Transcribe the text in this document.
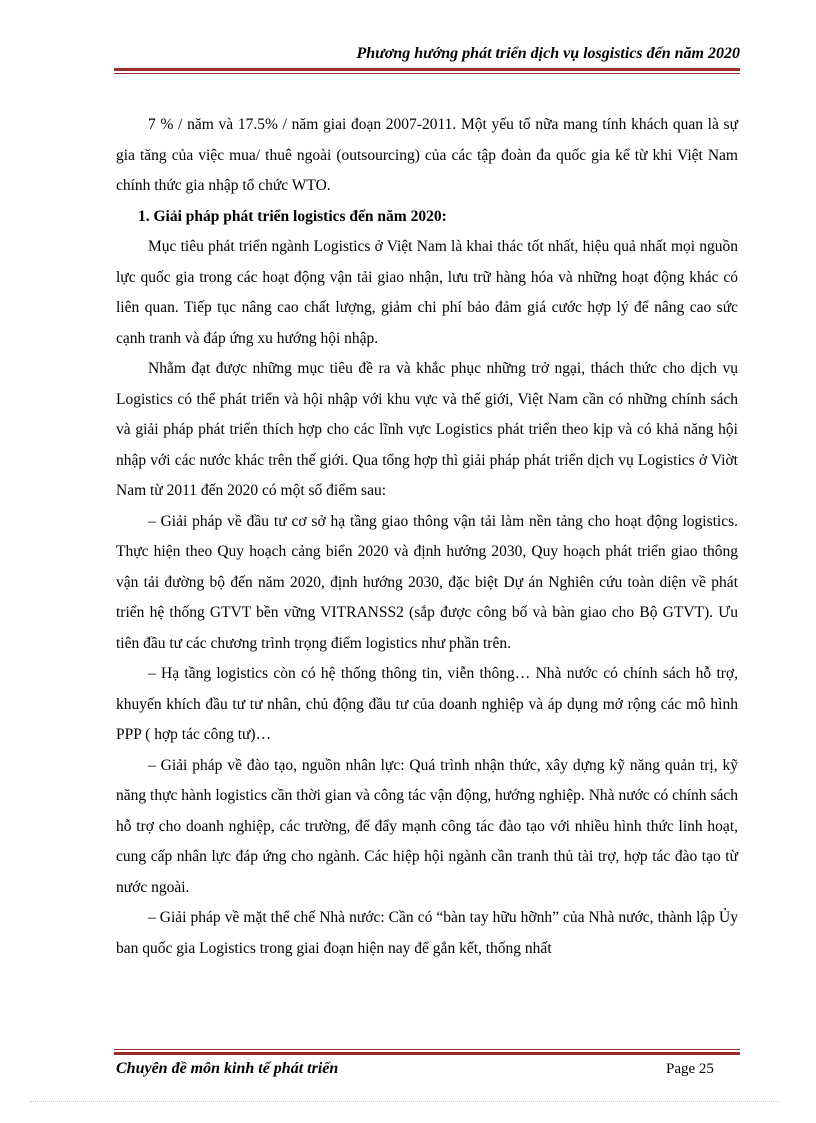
Phương hướng phát triển dịch vụ losgistics đến năm 2020

7 % / năm và 17.5% / năm giai đoạn 2007-2011. Một yếu tố nữa mang tính khách quan là sự gia tăng của việc mua/ thuê ngoài (outsourcing) của các tập đoàn đa quốc gia kể từ khi Việt Nam chính thức gia nhập tổ chức WTO.

1. Giải pháp phát triển logistics đến năm 2020:

Mục tiêu phát triển ngành Logistics ở Việt Nam là khai thác tốt nhất, hiệu quả nhất mọi nguồn lực quốc gia trong các hoạt động vận tải giao nhận, lưu trữ hàng hóa và những hoạt động khác có liên quan. Tiếp tục nâng cao chất lượng, giảm chi phí bảo đảm giá cước hợp lý để nâng cao sức cạnh tranh và đáp ứng xu hướng hội nhập.

Nhằm đạt được những mục tiêu đề ra và khắc phục những trở ngại, thách thức cho dịch vụ Logistics có thể phát triển và hội nhập với khu vực và thế giới, Việt Nam cần có những chính sách và giải pháp phát triển thích hợp cho các lĩnh vực Logistics phát triển theo kịp và có khả năng hội nhập với các nước khác trên thế giới. Qua tổng hợp thì giải pháp phát triển dịch vụ Logistics ở Viờt Nam từ 2011 đến 2020 có một số điểm sau:

– Giải pháp về đầu tư cơ sở hạ tầng giao thông vận tải làm nền tảng cho hoạt động logistics. Thực hiện theo Quy hoạch cảng biển 2020 và định hướng 2030, Quy hoạch phát triển giao thông vận tải đường bộ đến năm 2020, định hướng 2030, đặc biệt Dự án Nghiên cứu toàn diện về phát triển hệ thống GTVT bền vững VITRANSS2 (sắp được công bố và bàn giao cho Bộ GTVT). Ưu tiên đầu tư các chương trình trọng điểm logistics như phần trên.

– Hạ tầng logistics còn có hệ thống thông tin, viễn thông… Nhà nước có chính sách hỗ trợ, khuyến khích đầu tư tư nhân, chủ động đầu tư của doanh nghiệp và áp dụng mở rộng các mô hình PPP ( hợp tác công tư)…

– Giải pháp về đào tạo, nguồn nhân lực: Quá trình nhận thức, xây dựng kỹ năng quản trị, kỹ năng thực hành logistics cần thời gian và công tác vận động, hướng nghiệp. Nhà nước có chính sách hỗ trợ cho doanh nghiệp, các trường, để đẩy mạnh công tác đào tạo với nhiều hình thức linh hoạt, cung cấp nhân lực đáp ứng cho ngành. Các hiệp hội ngành cần tranh thủ tài trợ, hợp tác đào tạo từ nước ngoài.

– Giải pháp về mặt thể chế Nhà nước: Cần có “bàn tay hữu hỡnh” của Nhà nước, thành lập Ủy ban quốc gia Logistics trong giai đoạn hiện nay để gắn kết, thống nhất

Chuyên đề môn kinh tế phát triển	Page 25
